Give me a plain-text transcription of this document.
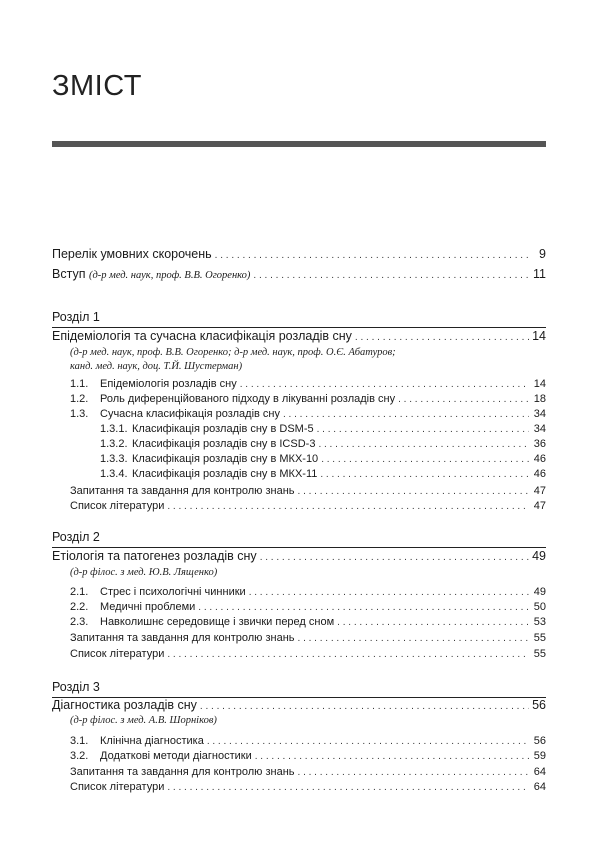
ЗМІСТ
Перелік умовних скорочень . . .	9
Вступ (д-р мед. наук, проф. В.В. Огоренко) . . .	11
Розділ 1
Епідеміологія та сучасна класифікація розладів сну . . .	14
(д-р мед. наук, проф. В.В. Огоренко; д-р мед. наук, проф. О.Є. Абатуров;
канд. мед. наук, доц. Т.Й. Шустерман)
1.1. Епідеміологія розладів сну . . .	14
1.2. Роль диференційованого підходу в лікуванні розладів сну . . .	18
1.3. Сучасна класифікація розладів сну . . .	34
1.3.1. Класифікація розладів сну в DSM-5 . . .	34
1.3.2. Класифікація розладів сну в ICSD-3 . . .	36
1.3.3. Класифікація розладів сну в МКХ-10 . . .	46
1.3.4. Класифікація розладів сну в МКХ-11 . . .	46
Запитання та завдання для контролю знань . . .	47
Список літератури . . .	47
Розділ 2
Етіологія та патогенез розладів сну . . .	49
(д-р філос. з мед. Ю.В. Лященко)
2.1. Стрес і психологічні чинники . . .	49
2.2. Медичні проблеми . . .	50
2.3. Навколишнє середовище і звички перед сном . . .	53
Запитання та завдання для контролю знань . . .	55
Список літератури . . .	55
Розділ 3
Діагностика розладів сну . . .	56
(д-р філос. з мед. А.В. Шорніков)
3.1. Клінічна діагностика . . .	56
3.2. Додаткові методи діагностики . . .	59
Запитання та завдання для контролю знань . . .	64
Список літератури . . .	64
